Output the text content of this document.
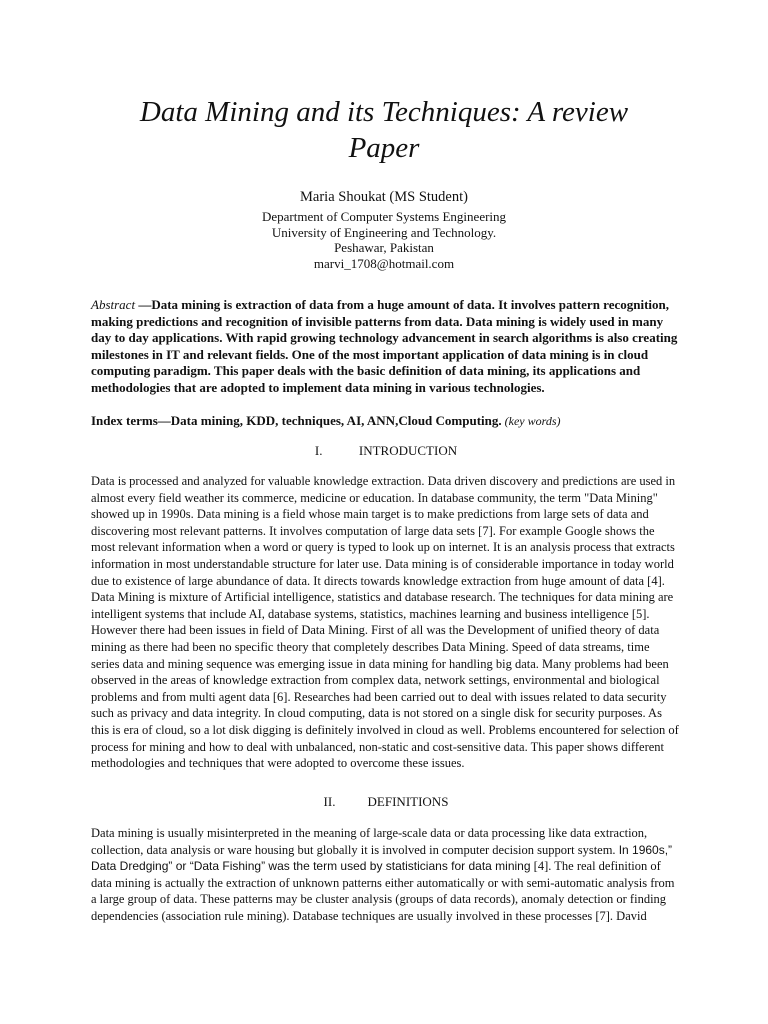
Data Mining and its Techniques: A review
Paper
Maria Shoukat (MS Student)
Department of Computer Systems Engineering
University of Engineering and Technology.
Peshawar, Pakistan
marvi_1708@hotmail.com

Abstract —Data mining is extraction of data from a huge amount of data. It involves pattern recognition, making predictions and recognition of invisible patterns from data. Data mining is widely used in many day to day applications. With rapid growing technology advancement in search algorithms is also creating milestones in IT and relevant fields. One of the most important application of data mining is in cloud computing paradigm. This paper deals with the basic definition of data mining, its applications and methodologies that are adopted to implement data mining in various technologies.

Index terms—Data mining, KDD, techniques, AI, ANN,Cloud Computing. (key words)

I.	INTRODUCTION

Data is processed and analyzed for valuable knowledge extraction. Data driven discovery and predictions are used in almost every field weather its commerce, medicine or education. In database community, the term "Data Mining" showed up in 1990s. Data mining is a field whose main target is to make predictions from large sets of data and discovering most relevant patterns. It involves computation of large data sets [7]. For example Google shows the most relevant information when a word or query is typed to look up on internet. It is an analysis process that extracts information in most understandable structure for later use. Data mining is of considerable importance in today world due to existence of large abundance of data. It directs towards knowledge extraction from huge amount of data [4]. Data Mining is mixture of Artificial intelligence, statistics and database research. The techniques for data mining are intelligent systems that include AI, database systems, statistics, machines learning and business intelligence [5]. However there had been issues in field of Data Mining. First of all was the Development of unified theory of data mining as there had been no specific theory that completely describes Data Mining. Speed of data streams, time series data and mining sequence was emerging issue in data mining for handling big data. Many problems had been observed in the areas of knowledge extraction from complex data, network settings, environmental and biological problems and from multi agent data [6]. Researches had been carried out to deal with issues related to data security such as privacy and data integrity. In cloud computing, data is not stored on a single disk for security purposes. As this is era of cloud, so a lot disk digging is definitely involved in cloud as well. Problems encountered for selection of process for mining and how to deal with unbalanced, non-static and cost-sensitive data. This paper shows different methodologies and techniques that were adopted to overcome these issues.

II. DEFINITIONS

Data mining is usually misinterpreted in the meaning of large-scale data or data processing like data extraction, collection, data analysis or ware housing but globally it is involved in computer decision support system. In 1960s,” Data Dredging” or “Data Fishing” was the term used by statisticians for data mining [4]. The real definition of data mining is actually the extraction of unknown patterns either automatically or with semi-automatic analysis from a large group of data. These patterns may be cluster analysis (groups of data records), anomaly detection or finding dependencies (association rule mining). Database techniques are usually involved in these processes [7]. David
